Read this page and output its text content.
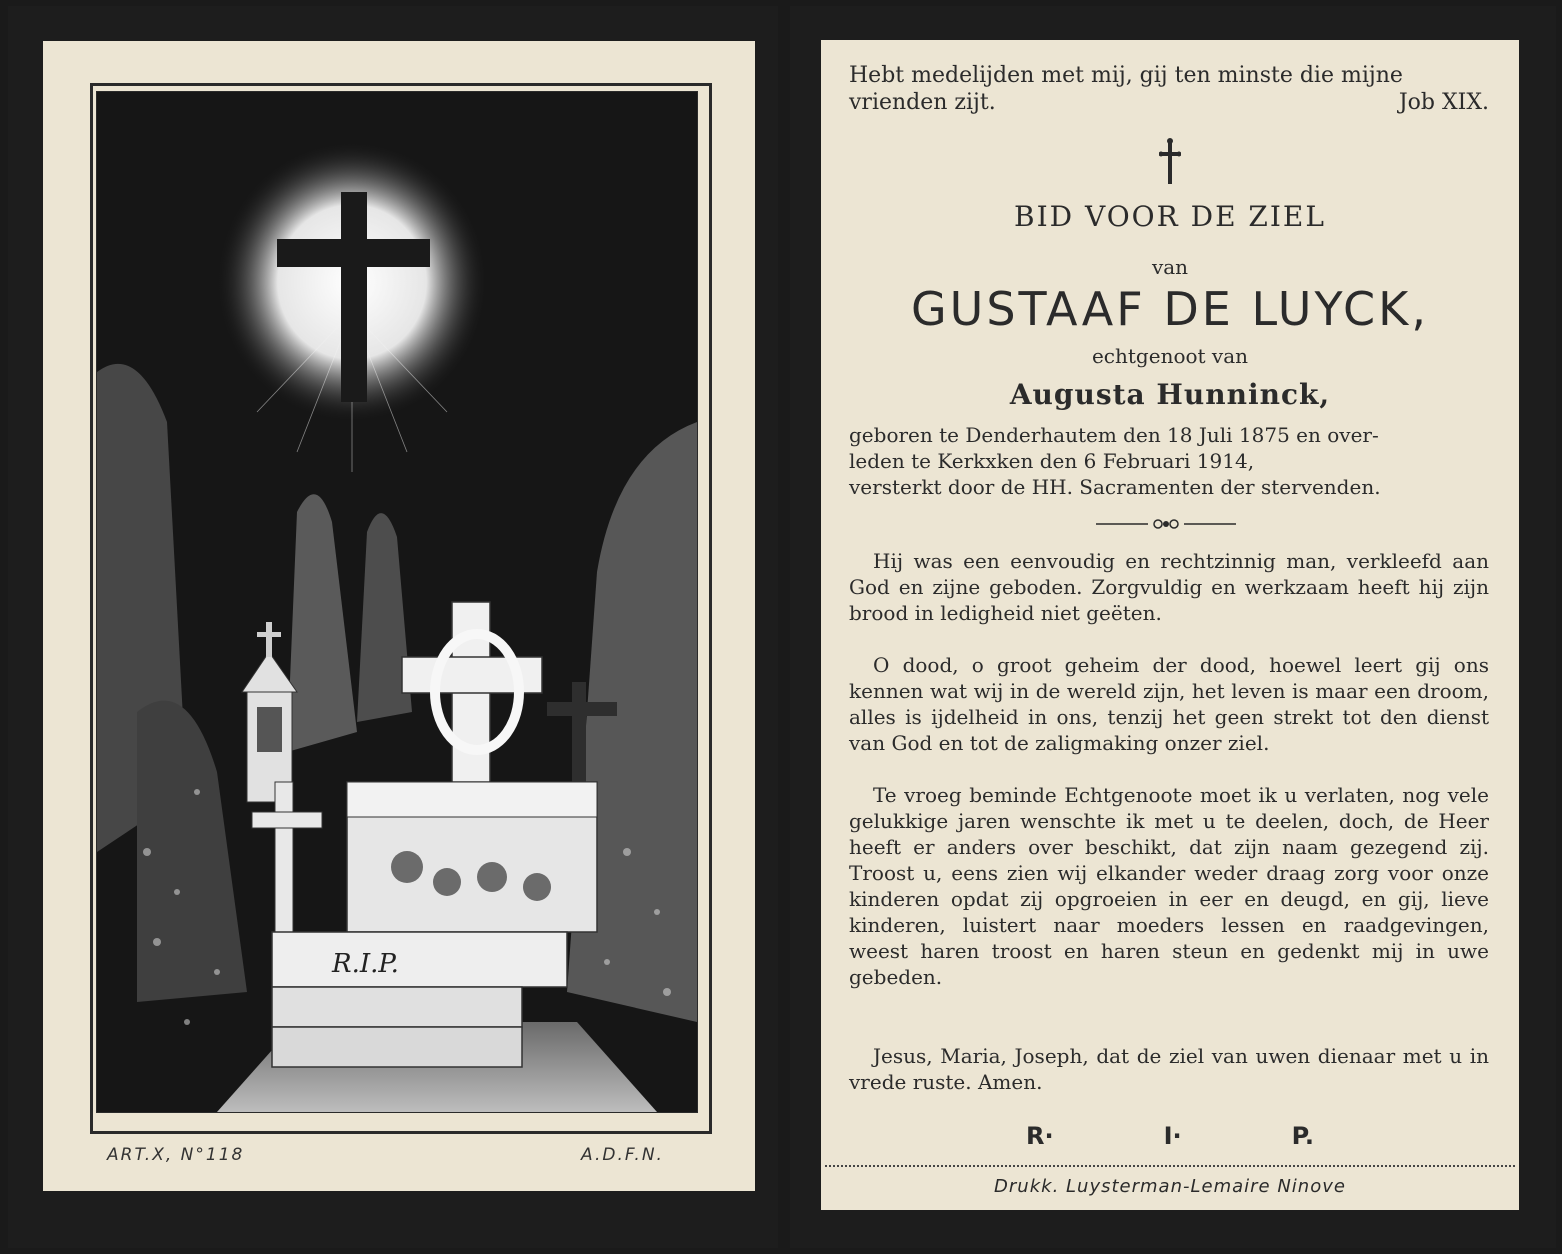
R.I.P.
ART.X, N°118	A.D.F.N.
Hebt medelijden met mij, gij ten minste die mijne
vrienden zijt.	Job XIX.
BID VOOR DE ZIEL
van
GUSTAAF DE LUYCK,
echtgenoot van
Augusta Hunninck,
geboren te Denderhautem den 18 Juli 1875 en over-
leden te Kerkxken den 6 Februari 1914,
versterkt door de HH. Sacramenten der stervenden.
Hij was een eenvoudig en rechtzinnig man, verkleefd aan God en zijne geboden. Zorgvuldig en werkzaam heeft hij zijn brood in ledigheid niet geëten.
O dood, o groot geheim der dood, hoewel leert gij ons kennen wat wij in de wereld zijn, het leven is maar een droom, alles is ijdelheid in ons, tenzij het geen strekt tot den dienst van God en tot de zaligmaking onzer ziel.
Te vroeg beminde Echtgenoote moet ik u verlaten, nog vele gelukkige jaren wenschte ik met u te deelen, doch, de Heer heeft er anders over beschikt, dat zijn naam gezegend zij. Troost u, eens zien wij elkander weder draag zorg voor onze kinderen opdat zij opgroeien in eer en deugd, en gij, lieve kinderen, luistert naar moeders lessen en raadgevingen, weest haren troost en haren steun en gedenkt mij in uwe gebeden.
Jesus, Maria, Joseph, dat de ziel van uwen dienaar met u in vrede ruste. Amen.
R·	I·	P.
Drukk. Luysterman-Lemaire Ninove
